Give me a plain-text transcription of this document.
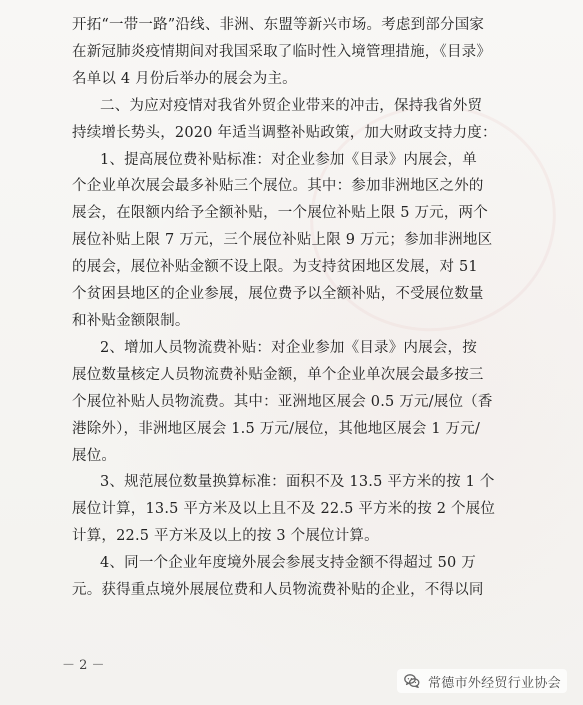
开拓“一带一路”沿线、非洲、东盟等新兴市场。考虑到部分国家
在新冠肺炎疫情期间对我国采取了临时性入境管理措施，《目录》
名单以 4 月份后举办的展会为主。
二、为应对疫情对我省外贸企业带来的冲击，保持我省外贸
持续增长势头，2020 年适当调整补贴政策，加大财政支持力度：
1、提高展位费补贴标准：对企业参加《目录》内展会，单
个企业单次展会最多补贴三个展位。其中：参加非洲地区之外的
展会，在限额内给予全额补贴，一个展位补贴上限 5 万元，两个
展位补贴上限 7 万元，三个展位补贴上限 9 万元；参加非洲地区
的展会，展位补贴金额不设上限。为支持贫困地区发展，对 51
个贫困县地区的企业参展，展位费予以全额补贴，不受展位数量
和补贴金额限制。
2、增加人员物流费补贴：对企业参加《目录》内展会，按
展位数量核定人员物流费补贴金额，单个企业单次展会最多按三
个展位补贴人员物流费。其中：亚洲地区展会 0.5 万元/展位（香
港除外），非洲地区展会 1.5 万元/展位，其他地区展会 1 万元/
展位。
3、规范展位数量换算标准：面积不及 13.5 平方米的按 1 个
展位计算，13.5 平方米及以上且不及 22.5 平方米的按 2 个展位
计算，22.5 平方米及以上的按 3 个展位计算。
4、同一个企业年度境外展会参展支持金额不得超过 50 万
元。获得重点境外展展位费和人员物流费补贴的企业，不得以同
－ 2 －
常德市外经贸行业协会
